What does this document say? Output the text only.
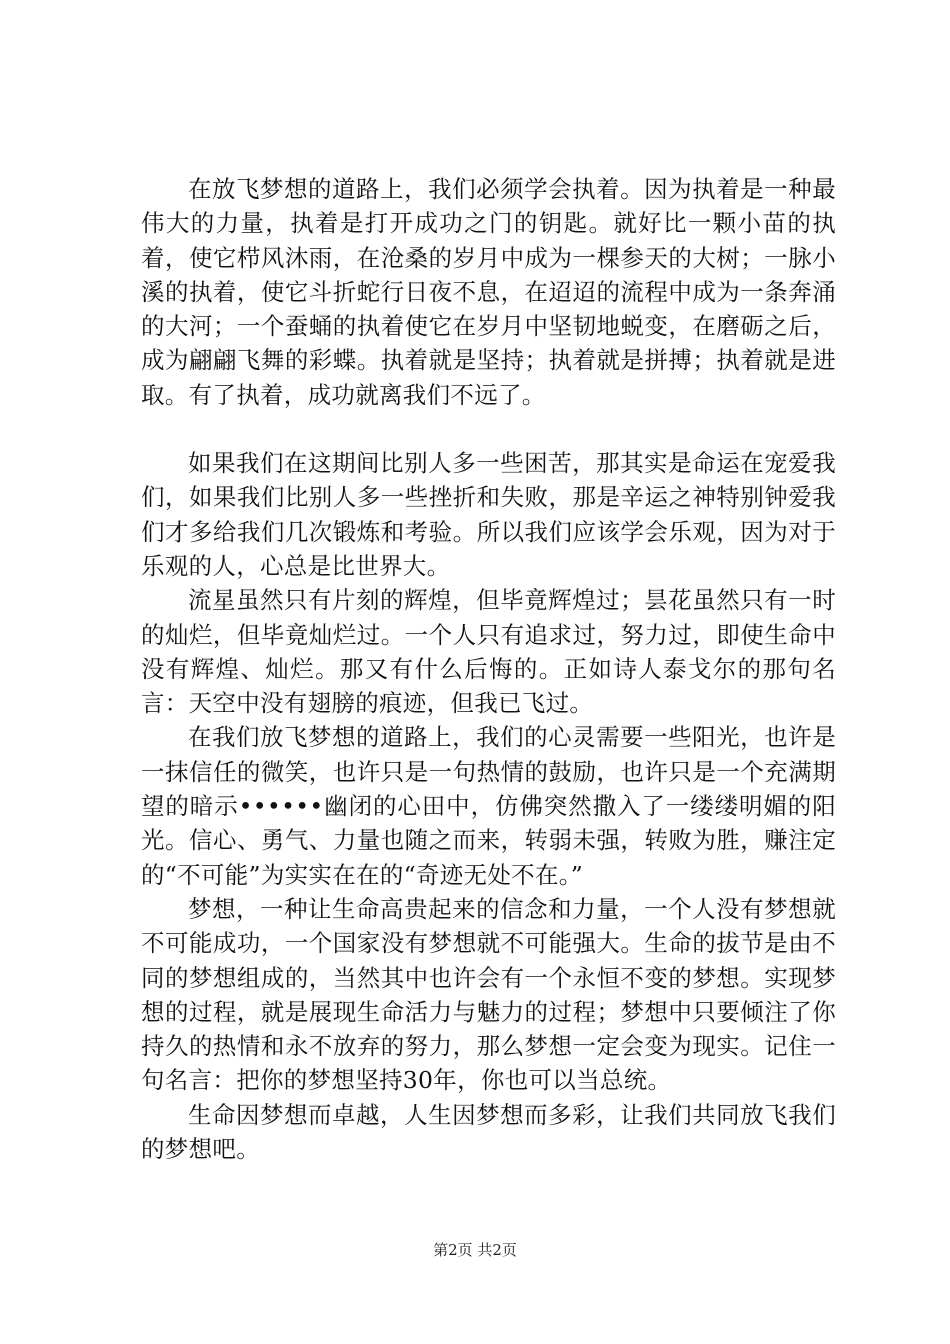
在放飞梦想的道路上，我们必须学会执着。因为执着是一种最伟大的力量，执着是打开成功之门的钥匙。就好比一颗小苗的执着，使它栉风沐雨，在沧桑的岁月中成为一棵参天的大树；一脉小溪的执着，使它斗折蛇行日夜不息，在迢迢的流程中成为一条奔涌的大河；一个蚕蛹的执着使它在岁月中坚韧地蜕变，在磨砺之后，成为翩翩飞舞的彩蝶。执着就是坚持；执着就是拼搏；执着就是进取。有了执着，成功就离我们不远了。

如果我们在这期间比别人多一些困苦，那其实是命运在宠爱我们，如果我们比别人多一些挫折和失败，那是辛运之神特别钟爱我们才多给我们几次锻炼和考验。所以我们应该学会乐观，因为对于乐观的人，心总是比世界大。

流星虽然只有片刻的辉煌，但毕竟辉煌过；昙花虽然只有一时的灿烂，但毕竟灿烂过。一个人只有追求过，努力过，即使生命中没有辉煌、灿烂。那又有什么后悔的。正如诗人泰戈尔的那句名言：天空中没有翅膀的痕迹，但我已飞过。

在我们放飞梦想的道路上，我们的心灵需要一些阳光，也许是一抹信任的微笑，也许只是一句热情的鼓励，也许只是一个充满期望的暗示••••••幽闭的心田中，仿佛突然撒入了一缕缕明媚的阳光。信心、勇气、力量也随之而来，转弱未强，转败为胜，赚注定的“不可能”为实实在在的“奇迹无处不在。”

梦想，一种让生命高贵起来的信念和力量，一个人没有梦想就不可能成功，一个国家没有梦想就不可能强大。生命的拔节是由不同的梦想组成的，当然其中也许会有一个永恒不变的梦想。实现梦想的过程，就是展现生命活力与魅力的过程；梦想中只要倾注了你持久的热情和永不放弃的努力，那么梦想一定会变为现实。记住一句名言：把你的梦想坚持30年，你也可以当总统。

生命因梦想而卓越，人生因梦想而多彩，让我们共同放飞我们的梦想吧。

第2页 共2页
